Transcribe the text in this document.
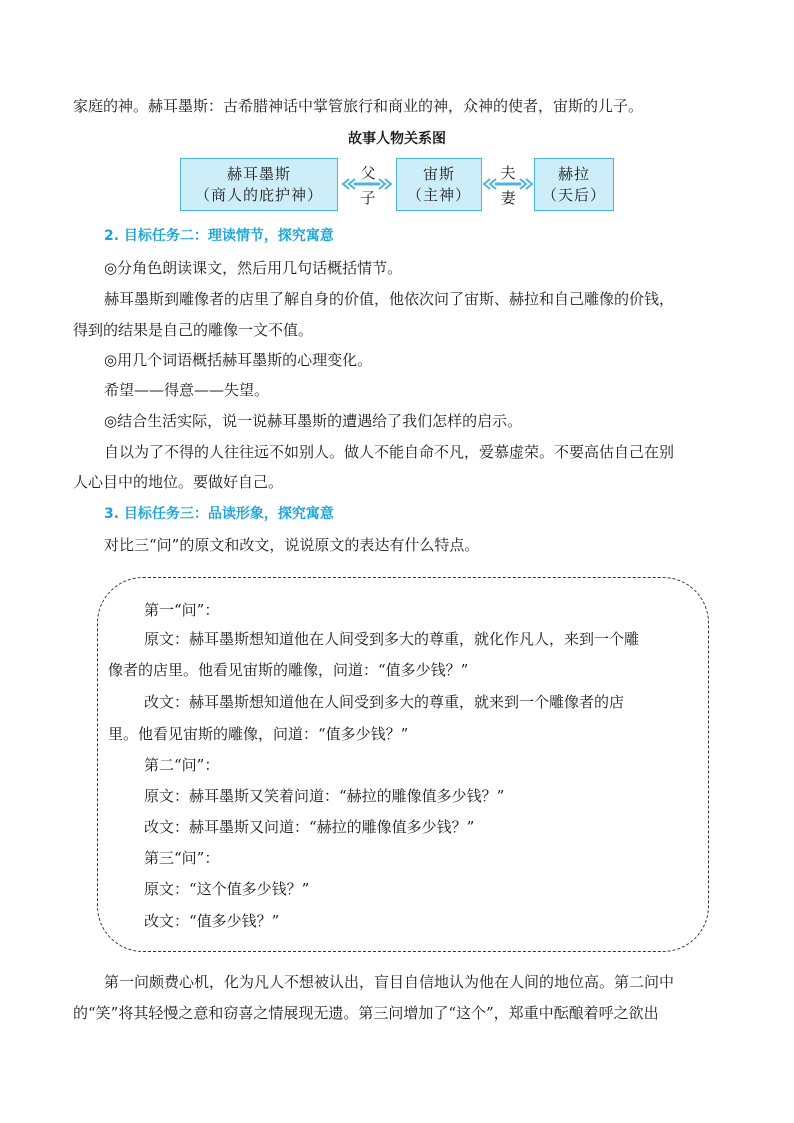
家庭的神。赫耳墨斯：古希腊神话中掌管旅行和商业的神，众神的使者，宙斯的儿子。
故事人物关系图
赫耳墨斯
（商人的庇护神）
父
子
宙斯
（主神）
夫
妻
赫拉
（天后）
2. 目标任务二：理读情节，探究寓意
◎分角色朗读课文，然后用几句话概括情节。
赫耳墨斯到雕像者的店里了解自身的价值，他依次问了宙斯、赫拉和自己雕像的价钱，
得到的结果是自己的雕像一文不值。
◎用几个词语概括赫耳墨斯的心理变化。
希望——得意——失望。
◎结合生活实际，说一说赫耳墨斯的遭遇给了我们怎样的启示。
自以为了不得的人往往远不如别人。做人不能自命不凡，爱慕虚荣。不要高估自己在别
人心目中的地位。要做好自己。
3. 目标任务三：品读形象，探究寓意
对比三“问”的原文和改文，说说原文的表达有什么特点。
第一“问”：
原文：赫耳墨斯想知道他在人间受到多大的尊重，就化作凡人，来到一个雕
像者的店里。他看见宙斯的雕像，问道：“值多少钱？”
改文：赫耳墨斯想知道他在人间受到多大的尊重，就来到一个雕像者的店
里。他看见宙斯的雕像，问道：“值多少钱？”
第二“问”：
原文：赫耳墨斯又笑着问道：“赫拉的雕像值多少钱？”
改文：赫耳墨斯又问道：“赫拉的雕像值多少钱？”
第三“问”：
原文：“这个值多少钱？”
改文：“值多少钱？”
第一问颇费心机，化为凡人不想被认出，盲目自信地认为他在人间的地位高。第二问中
的“笑”将其轻慢之意和窃喜之情展现无遗。第三问增加了“这个”，郑重中酝酿着呼之欲出
